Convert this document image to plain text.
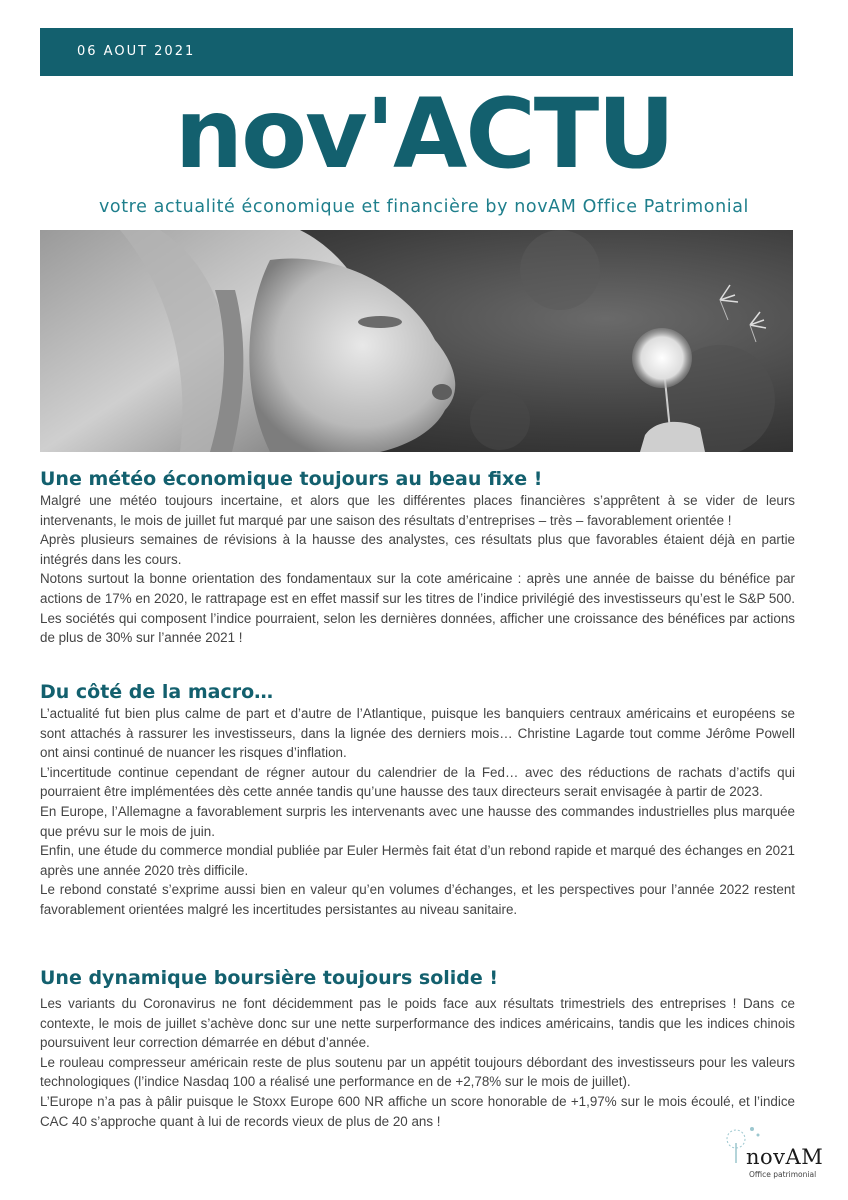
06 AOUT 2021
nov'ACTU
votre actualité économique et financière by novAM Office Patrimonial
Une météo économique toujours au beau fixe !

Malgré une météo toujours incertaine, et alors que les différentes places financières s’apprêtent à se vider de leurs intervenants, le mois de juillet fut marqué par une saison des résultats d’entreprises – très – favorablement orientée !

Après plusieurs semaines de révisions à la hausse des analystes, ces résultats plus que favorables étaient déjà en partie intégrés dans les cours.

Notons surtout la bonne orientation des fondamentaux sur la cote américaine : après une année de baisse du bénéfice par actions de 17% en 2020, le rattrapage est en effet massif sur les titres de l’indice privilégié des investisseurs qu’est le S&P 500. Les sociétés qui composent l’indice pourraient, selon les dernières données, afficher une croissance des bénéfices par actions de plus de 30% sur l’année 2021 !

Du côté de la macro…

L’actualité fut bien plus calme de part et d’autre de l’Atlantique, puisque les banquiers centraux américains et européens se sont attachés à rassurer les investisseurs, dans la lignée des derniers mois… Christine Lagarde tout comme Jérôme Powell ont ainsi continué de nuancer les risques d’inflation.

L’incertitude continue cependant de régner autour du calendrier de la Fed… avec des réductions de rachats d’actifs qui pourraient être implémentées dès cette année tandis qu’une hausse des taux directeurs serait envisagée à partir de 2023.

En Europe, l’Allemagne a favorablement surpris les intervenants avec une hausse des commandes industrielles plus marquée que prévu sur le mois de juin.

Enfin, une étude du commerce mondial publiée par Euler Hermès fait état d’un rebond rapide et marqué des échanges en 2021 après une année 2020 très difficile.

Le rebond constaté s’exprime aussi bien en valeur qu’en volumes d’échanges, et les perspectives pour l’année 2022 restent favorablement orientées malgré les incertitudes persistantes au niveau sanitaire.

Une dynamique boursière toujours solide !

Les variants du Coronavirus ne font décidemment pas le poids face aux résultats trimestriels des entreprises ! Dans ce contexte, le mois de juillet s’achève donc sur une nette surperformance des indices américains, tandis que les indices chinois poursuivent leur correction démarrée en début d’année.

Le rouleau compresseur américain reste de plus soutenu par un appétit toujours débordant des investisseurs pour les valeurs technologiques (l’indice Nasdaq 100 a réalisé une performance en de +2,78% sur le mois de juillet).

L’Europe n’a pas à pâlir puisque le Stoxx Europe 600 NR affiche un score honorable de +1,97% sur le mois écoulé, et l’indice CAC 40 s’approche quant à lui de records vieux de plus de 20 ans !

novAM
Office patrimonial
